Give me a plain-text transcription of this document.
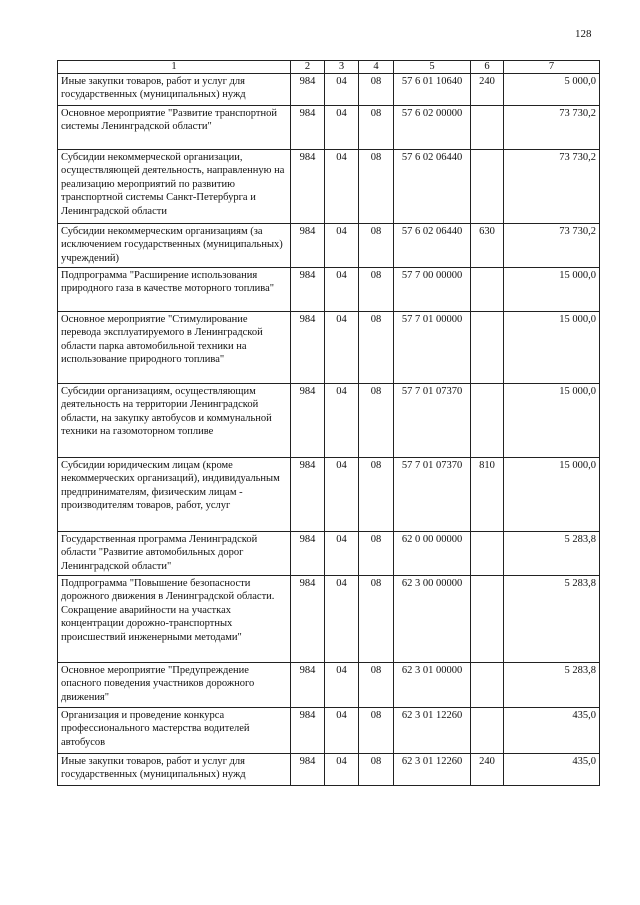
128
1	2	3	4	5	6	7
Иные закупки товаров, работ и услуг для государственных (муниципальных) нужд	984	04	08	57 6 01 10640	240	5 000,0
Основное мероприятие "Развитие транспортной системы Ленинградской области"	984	04	08	57 6 02 00000		73 730,2
Субсидии некоммерческой организации, осуществляющей деятельность, направленную на реализацию мероприятий по развитию транспортной системы Санкт-Петербурга и Ленинградской области	984	04	08	57 6 02 06440		73 730,2
Субсидии некоммерческим организациям (за исключением государственных (муниципальных) учреждений)	984	04	08	57 6 02 06440	630	73 730,2
Подпрограмма "Расширение использования природного газа в качестве моторного топлива"	984	04	08	57 7 00 00000		15 000,0
Основное мероприятие "Стимулирование перевода эксплуатируемого в Ленинградской области парка автомобильной техники на использование природного топлива"	984	04	08	57 7 01 00000		15 000,0
Субсидии организациям, осуществляющим деятельность на территории Ленинградской области, на закупку автобусов и коммунальной техники на газомоторном топливе	984	04	08	57 7 01 07370		15 000,0
Субсидии юридическим лицам (кроме некоммерческих организаций), индивидуальным предпринимателям, физическим лицам - производителям товаров, работ, услуг	984	04	08	57 7 01 07370	810	15 000,0
Государственная программа Ленинградской области "Развитие автомобильных дорог Ленинградской области"	984	04	08	62 0 00 00000		5 283,8
Подпрограмма "Повышение безопасности дорожного движения в Ленинградской области. Сокращение аварийности на участках концентрации дорожно-транспортных происшествий инженерными методами"	984	04	08	62 3 00 00000		5 283,8
Основное мероприятие "Предупреждение опасного поведения участников дорожного движения"	984	04	08	62 3 01 00000		5 283,8
Организация и проведение конкурса профессионального мастерства водителей автобусов	984	04	08	62 3 01 12260		435,0
Иные закупки товаров, работ и услуг для государственных (муниципальных) нужд	984	04	08	62 3 01 12260	240	435,0
